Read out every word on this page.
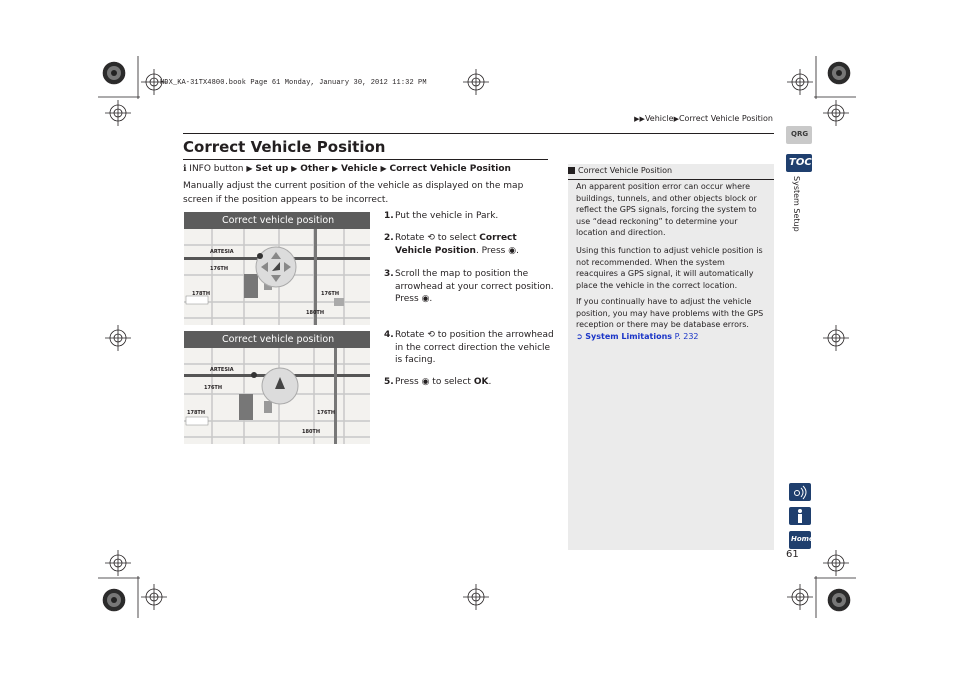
HDX_KA-31TX4800.book Page 61 Monday, January 30, 2012 11:32 PM
▶▶Vehicle▶Correct Vehicle Position
Correct Vehicle Position
ℹ INFO button ▶ Set up ▶ Other ▶ Vehicle ▶ Correct Vehicle Position
Manually adjust the current position of the vehicle as displayed on the map screen if the position appears to be incorrect.
Correct vehicle position
ARTESIA
176TH
178TH	176TH
180TH
Correct vehicle position
ARTESIA
176TH
178TH	176TH
180TH
1. Put the vehicle in Park.
2. Rotate ⟲ to select Correct Vehicle Position. Press ◉.
3. Scroll the map to position the arrowhead at your correct position. Press ◉.
4. Rotate ⟲ to position the arrowhead in the correct direction the vehicle is facing.
5. Press ◉ to select OK.

An apparent position error can occur where buildings, tunnels, and other objects block or reflect the GPS signals, forcing the system to use “dead reckoning” to determine your location and direction.

Using this function to adjust vehicle position is not recommended. When the system reacquires a GPS signal, it will automatically place the vehicle in the correct location.

If you continually have to adjust the vehicle position, you may have problems with the GPS reception or there may be database errors.

➲ System Limitations P. 232

Correct Vehicle Position
QRG
TOC
System Setup
Home
61
